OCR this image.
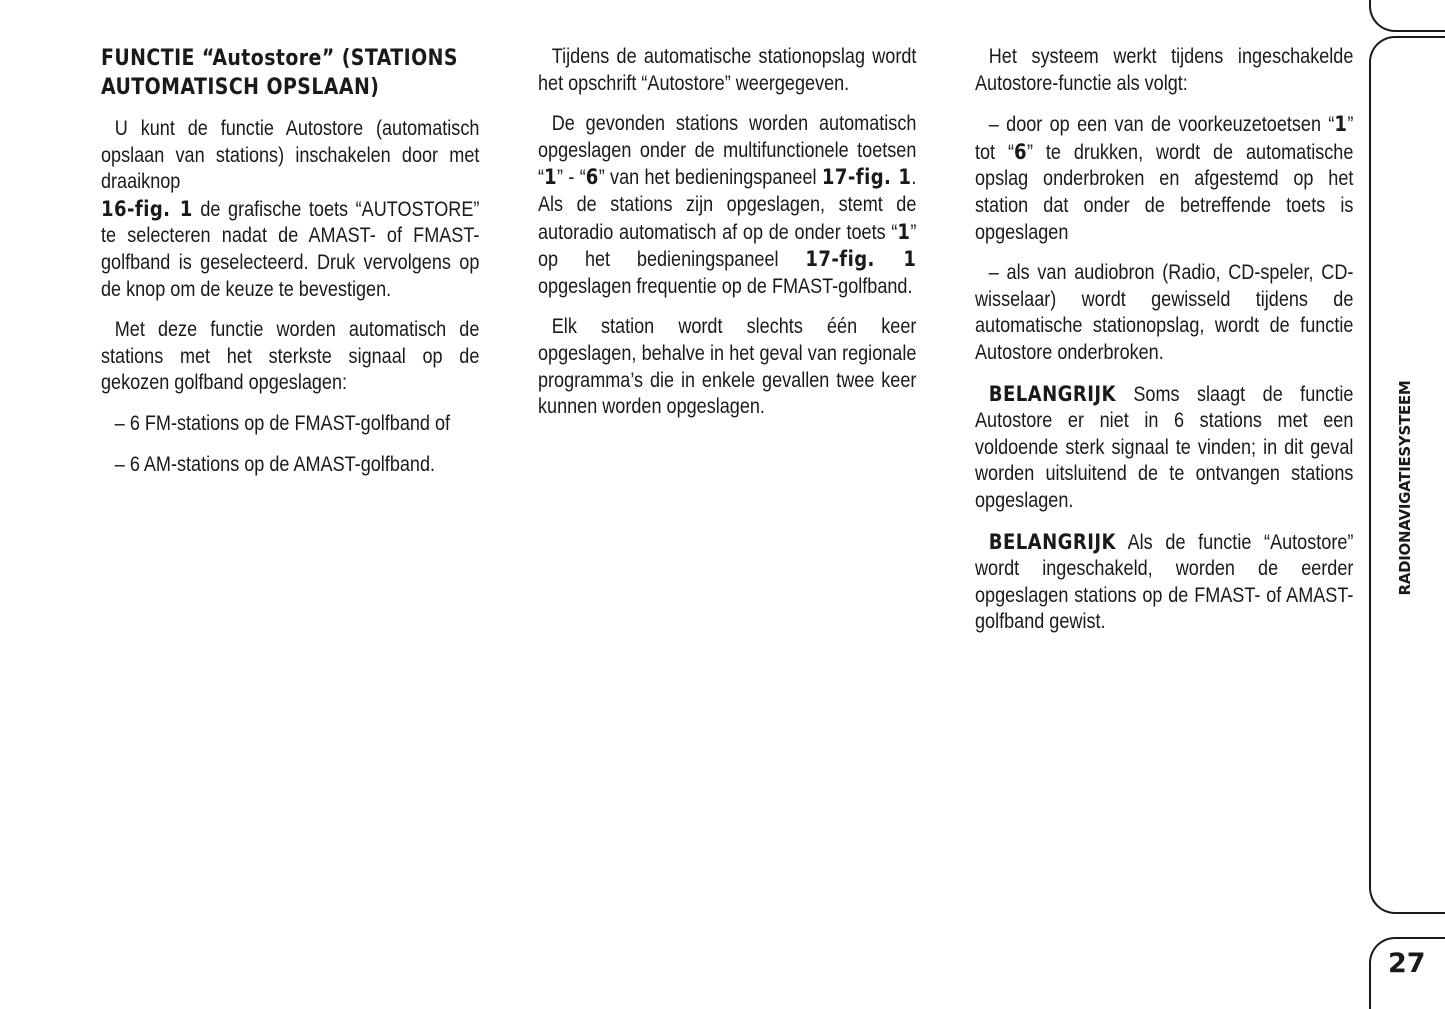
FUNCTIE “Autostore” (STATIONS AUTOMATISCH OPSLAAN)

U kunt de functie Autostore (automatisch opslaan van stations) inschakelen door met draaiknop
16-fig. 1 de grafische toets “AUTOSTORE” te selecteren nadat de AMAST- of FMAST-golfband is geselecteerd. Druk vervolgens op de knop om de keuze te bevestigen.

Met deze functie worden automatisch de stations met het sterkste signaal op de gekozen golfband opgeslagen:

– 6 FM-stations op de FMAST-golfband of

– 6 AM-stations op de AMAST-golfband.

Tijdens de automatische stationopslag wordt het opschrift “Autostore” weergegeven.

De gevonden stations worden automatisch opgeslagen onder de multifunctionele toetsen “1” - “6” van het bedieningspaneel 17-fig. 1. Als de stations zijn opgeslagen, stemt de autoradio automatisch af op de onder toets “1” op het bedieningspaneel 17-fig. 1 opgeslagen frequentie op de FMAST-golfband.

Elk station wordt slechts één keer opgeslagen, behalve in het geval van regionale programma’s die in enkele gevallen twee keer kunnen worden opgeslagen.

Het systeem werkt tijdens ingeschakelde Autostore-functie als volgt:

– door op een van de voorkeuzetoetsen “1” tot “6” te drukken, wordt de automatische opslag onderbroken en afgestemd op het station dat onder de betreffende toets is opgeslagen

– als van audiobron (Radio, CD-speler, CD-wisselaar) wordt gewisseld tijdens de automatische stationopslag, wordt de functie Autostore onderbroken.

BELANGRIJK Soms slaagt de functie Autostore er niet in 6 stations met een voldoende sterk signaal te vinden; in dit geval worden uitsluitend de te ontvangen stations opgeslagen.

BELANGRIJK Als de functie “Autostore” wordt ingeschakeld, worden de eerder opgeslagen stations op de FMAST- of AMAST-golfband gewist.

RADIONAVIGATIESYSTEEM
27
